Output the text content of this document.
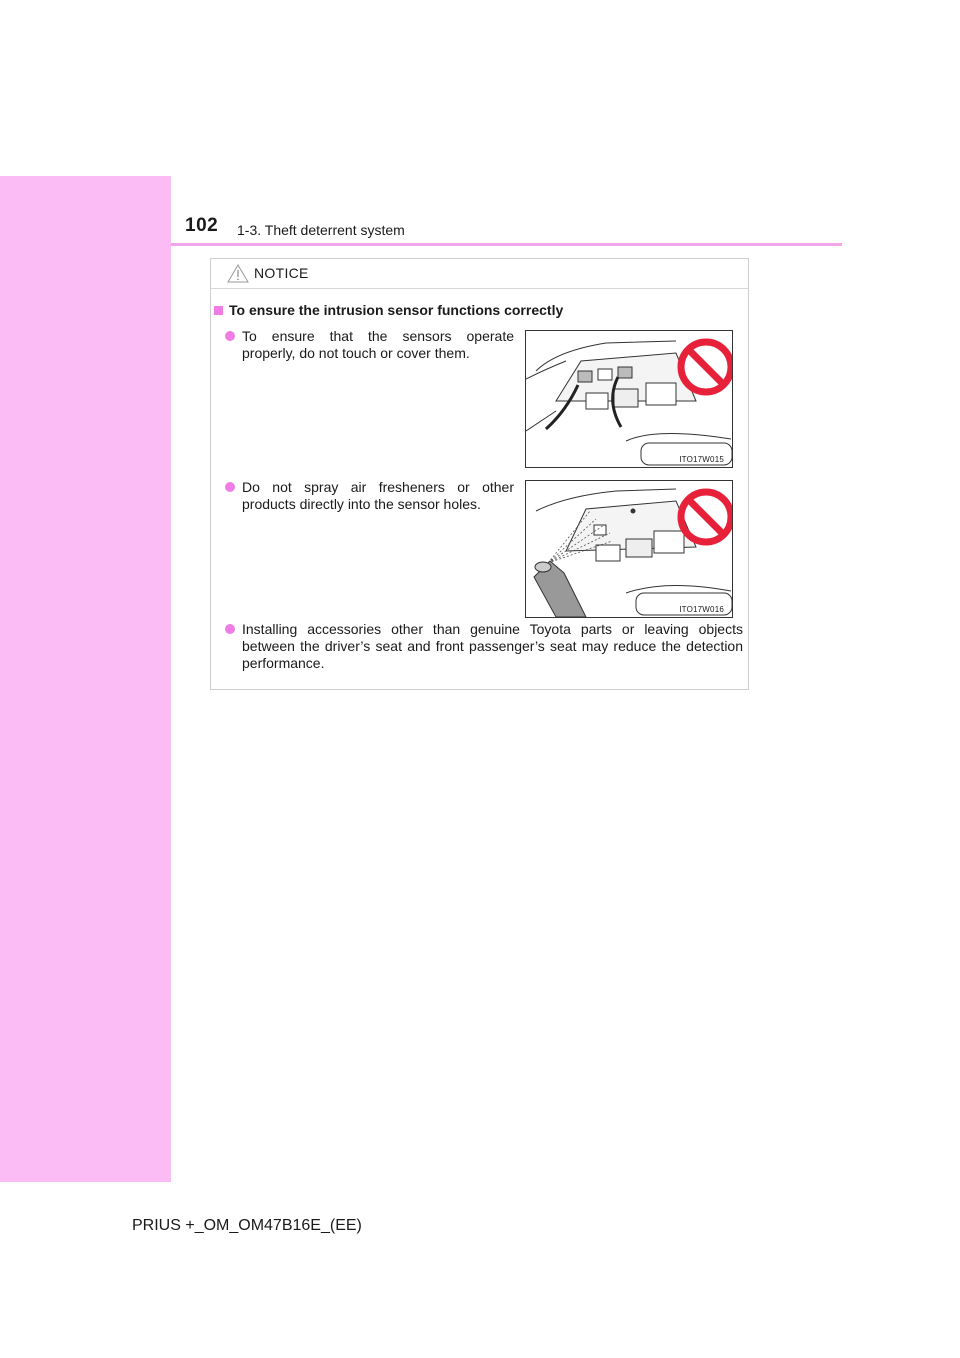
102 1-3. Theft deterrent system
NOTICE
To ensure the intrusion sensor functions correctly
To ensure that the sensors operate properly, do not touch or cover them.
ITO17W015
Do not spray air fresheners or other products directly into the sensor holes.
ITO17W016
Installing accessories other than genuine Toyota parts or leaving objects between the driver’s seat and front passenger’s seat may reduce the detection performance.
PRIUS +_OM_OM47B16E_(EE)
